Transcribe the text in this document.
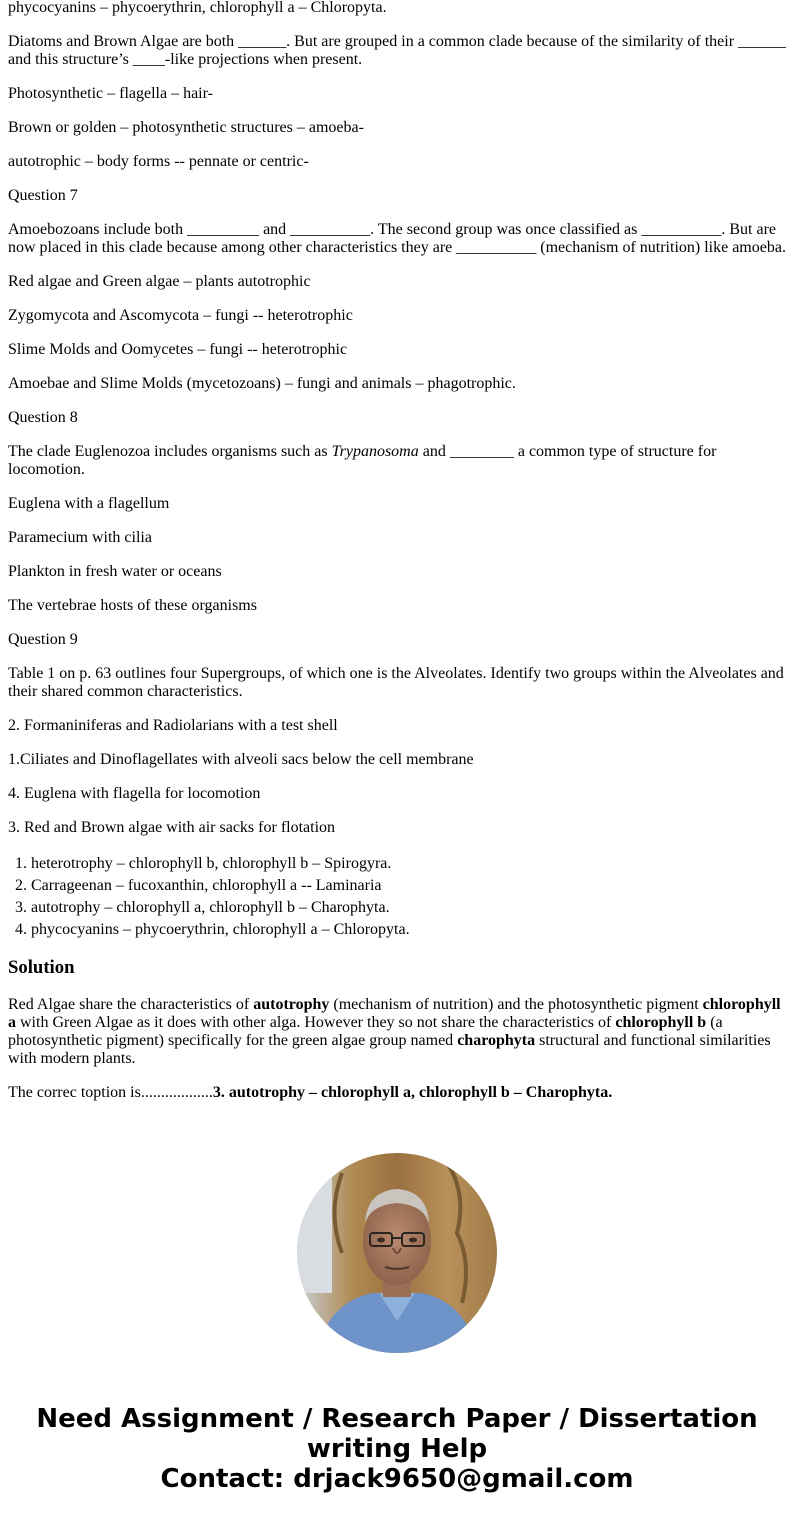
phycocyanins – phycoerythrin, chlorophyll a – Chloropyta.

Diatoms and Brown Algae are both ______. But are grouped in a common clade because of the similarity of their ______ and this structure’s ____-like projections when present.

Photosynthetic – flagella – hair-

Brown or golden – photosynthetic structures – amoeba-

autotrophic – body forms -- pennate or centric-

Question 7

Amoebozoans include both _________ and __________. The second group was once classified as __________. But are now placed in this clade because among other characteristics they are __________ (mechanism of nutrition) like amoeba.

Red algae and Green algae – plants autotrophic

Zygomycota and Ascomycota – fungi -- heterotrophic

Slime Molds and Oomycetes – fungi -- heterotrophic

Amoebae and Slime Molds (mycetozoans) – fungi and animals – phagotrophic.

Question 8

The clade Euglenozoa includes organisms such as Trypanosoma and ________ a common type of structure for locomotion.

Euglena with a flagellum

Paramecium with cilia

Plankton in fresh water or oceans

The vertebrae hosts of these organisms

Question 9

Table 1 on p. 63 outlines four Supergroups, of which one is the Alveolates. Identify two groups within the Alveolates and their shared common characteristics.

2. Formaniniferas and Radiolarians with a test shell

1.Ciliates and Dinoflagellates with alveoli sacs below the cell membrane

4. Euglena with flagella for locomotion

3. Red and Brown algae with air sacks for flotation

1. heterotrophy – chlorophyll b, chlorophyll b – Spirogyra.
2. Carrageenan – fucoxanthin, chlorophyll a -- Laminaria
3. autotrophy – chlorophyll a, chlorophyll b – Charophyta.
4. phycocyanins – phycoerythrin, chlorophyll a – Chloropyta.
Solution

Red Algae share the characteristics of autotrophy (mechanism of nutrition) and the photosynthetic pigment chlorophyll a with Green Algae as it does with other alga. However they so not share the characteristics of chlorophyll b (a photosynthetic pigment) specifically for the green algae group named charophyta structural and functional similarities with modern plants.

The correc toption is..................3. autotrophy – chlorophyll a, chlorophyll b – Charophyta.

Need Assignment / Research Paper / Dissertation
writing Help
Contact: drjack9650@gmail.com
